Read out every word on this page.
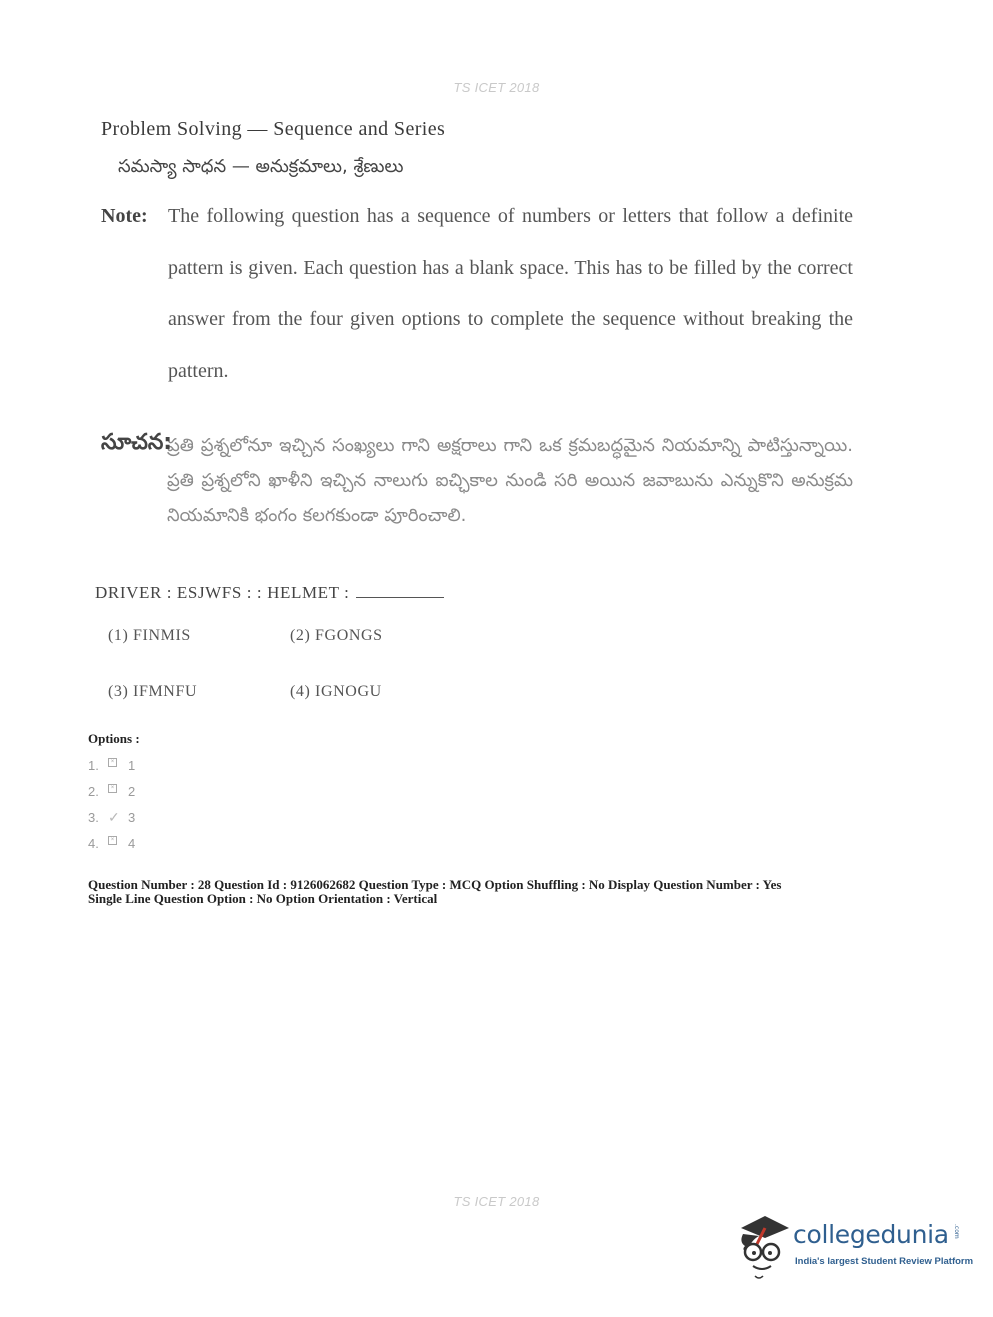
TS ICET 2018
Problem Solving — Sequence and Series
సమస్యా సాధన — అనుక్రమాలు, శ్రేణులు
Note: The following question has a sequence of numbers or letters that follow a definite pattern is given. Each question has a blank space. This has to be filled by the correct answer from the four given options to complete the sequence without breaking the pattern.
సూచన:
ప్రతి ప్రశ్నలోనూ ఇచ్చిన సంఖ్యలు గాని అక్షరాలు గాని ఒక క్రమబద్ధమైన నియమాన్ని పాటిస్తున్నాయి. ప్రతి ప్రశ్నలోని ఖాళీని ఇచ్చిన నాలుగు ఐచ్ఛికాల నుండి సరి అయిన జవాబును ఎన్నుకొని అనుక్రమ నియమానికి భంగం కలగకుండా పూరించాలి.
DRIVER : ESJWFS : : HELMET :
(1) FINMIS	(2) FGONGS
(3) IFMNFU	(4) IGNOGU
Options :
1.	× 1
2.	× 2
3. ✓ 3
4.	× 4
Question Number : 28 Question Id : 9126062682 Question Type : MCQ Option Shuffling : No Display Question Number : Yes
Single Line Question Option : No Option Orientation : Vertical
TS ICET 2018
collegedunia .com
India's largest Student Review Platform
